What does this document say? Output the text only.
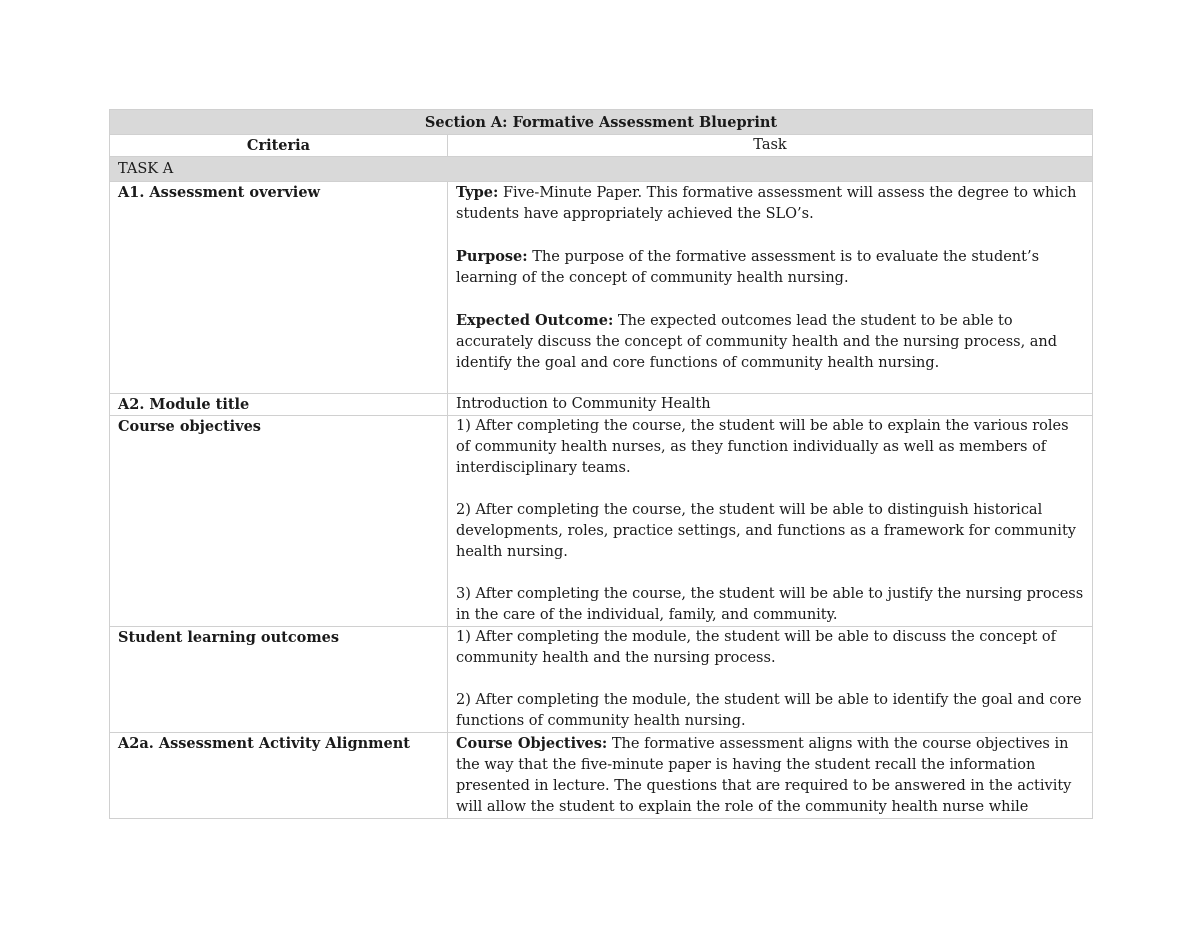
Section A: Formative Assessment Blueprint	
Criteria	Task
TASK A	
A1. Assessment overview	Type: Five-Minute Paper. This formative assessment will assess the degree to which students have appropriately achieved the SLO’s.

Purpose: The purpose of the formative assessment is to evaluate the student’s learning of the concept of community health nursing.

Expected Outcome: The expected outcomes lead the student to be able to accurately discuss the concept of community health and the nursing process, and identify the goal and core functions of community health nursing.

A2. Module title	Introduction to Community Health
Course objectives	1) After completing the course, the student will be able to explain the various roles of community health nurses, as they function individually as well as members of interdisciplinary teams.

2) After completing the course, the student will be able to distinguish historical developments, roles, practice settings, and functions as a framework for community health nursing.

3) After completing the course, the student will be able to justify the nursing process in the care of the individual, family, and community.

Student learning outcomes	1) After completing the module, the student will be able to discuss the concept of community health and the nursing process.

2) After completing the module, the student will be able to identify the goal and core functions of community health nursing.

A2a. Assessment Activity Alignment	Course Objectives: The formative assessment aligns with the course objectives in the way that the five-minute paper is having the student recall the information presented in lecture. The questions that are required to be answered in the activity will allow the student to explain the role of the community health nurse while
